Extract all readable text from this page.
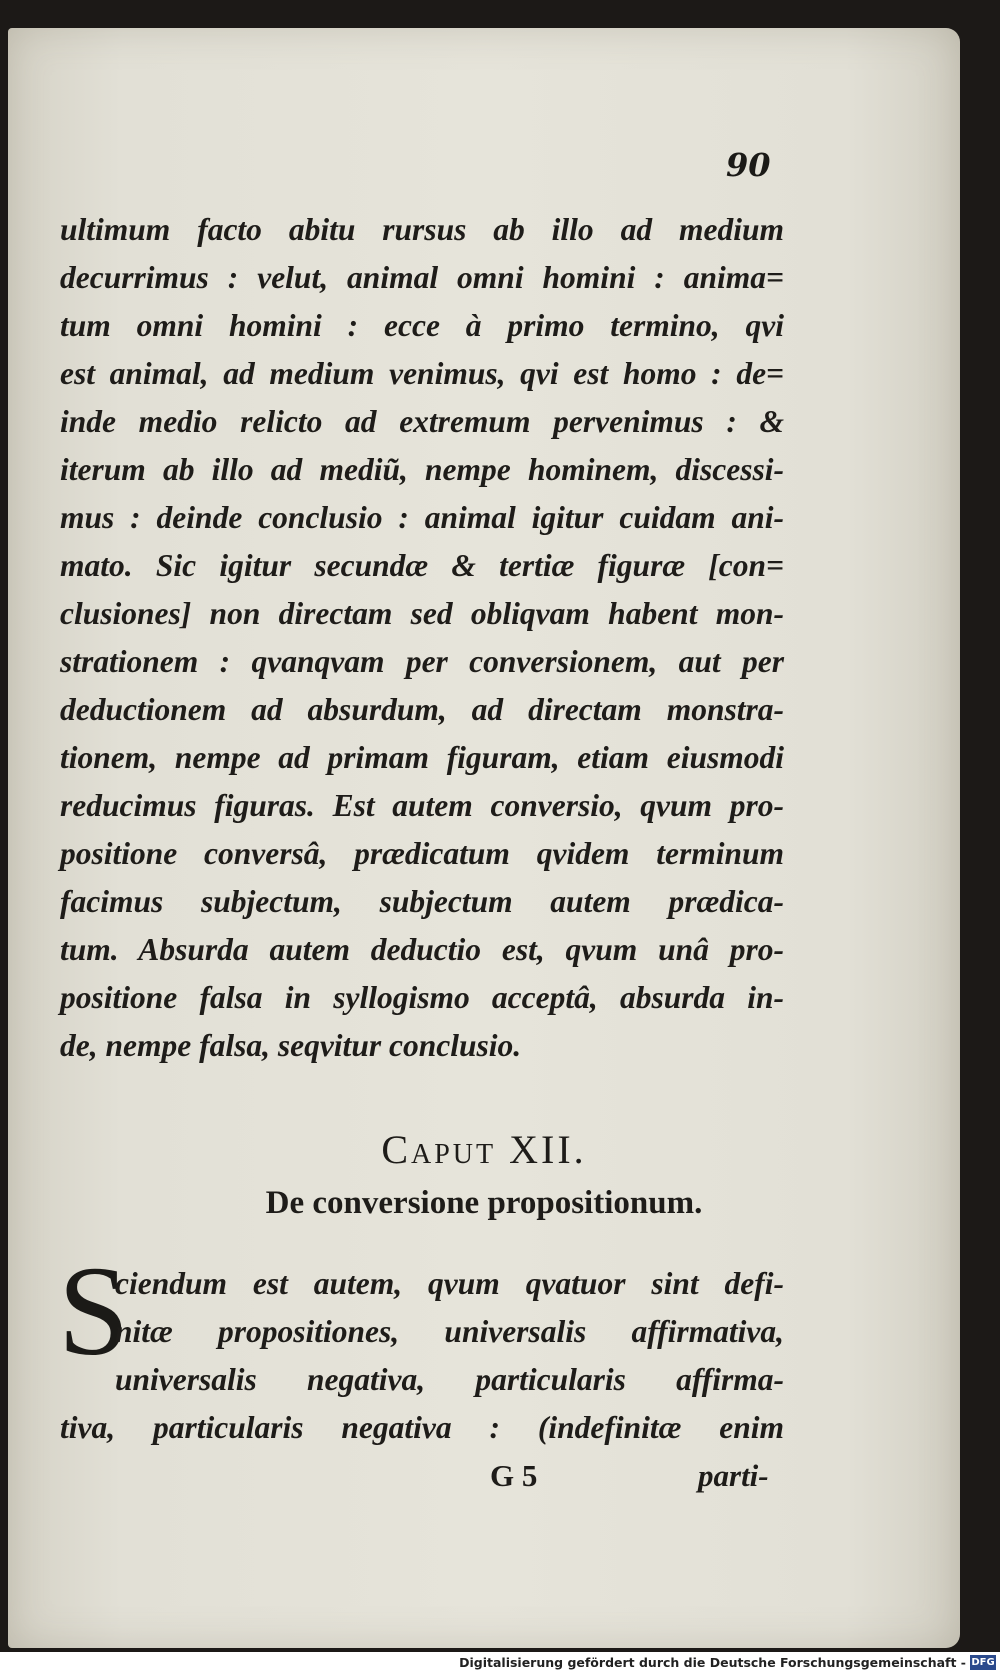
90
ultimum facto abitu rursus ab illo ad medium
decurrimus : velut, animal omni homini : anima=
tum omni homini : ecce à primo termino, qvi
est animal, ad medium venimus, qvi est homo : de=
inde medio relicto ad extremum pervenimus : &
iterum ab illo ad mediũ, nempe hominem, discessi-
mus : deinde conclusio : animal igitur cuidam ani-
mato. Sic igitur secundæ & tertiæ figuræ [con=
clusiones] non directam sed obliqvam habent mon-
strationem : qvanqvam per conversionem, aut per
deductionem ad absurdum, ad directam monstra-
tionem, nempe ad primam figuram, etiam eiusmodi
reducimus figuras. Est autem conversio, qvum pro-
positione conversâ, prædicatum qvidem terminum
facimus subjectum, subjectum autem prædica-
tum. Absurda autem deductio est, qvum unâ pro-
positione falsa in syllogismo acceptâ, absurda in-
de, nempe falsa, seqvitur conclusio.
Caput XII.
De conversione propositionum.
S
ciendum est autem, qvum qvatuor sint defi-
nitæ propositiones, universalis affirmativa,
universalis negativa, particularis affirma-
tiva, particularis negativa : (indefinitæ enim
G 5	parti-
Digitalisierung gefördert durch die Deutsche Forschungsgemeinschaft - DFG
